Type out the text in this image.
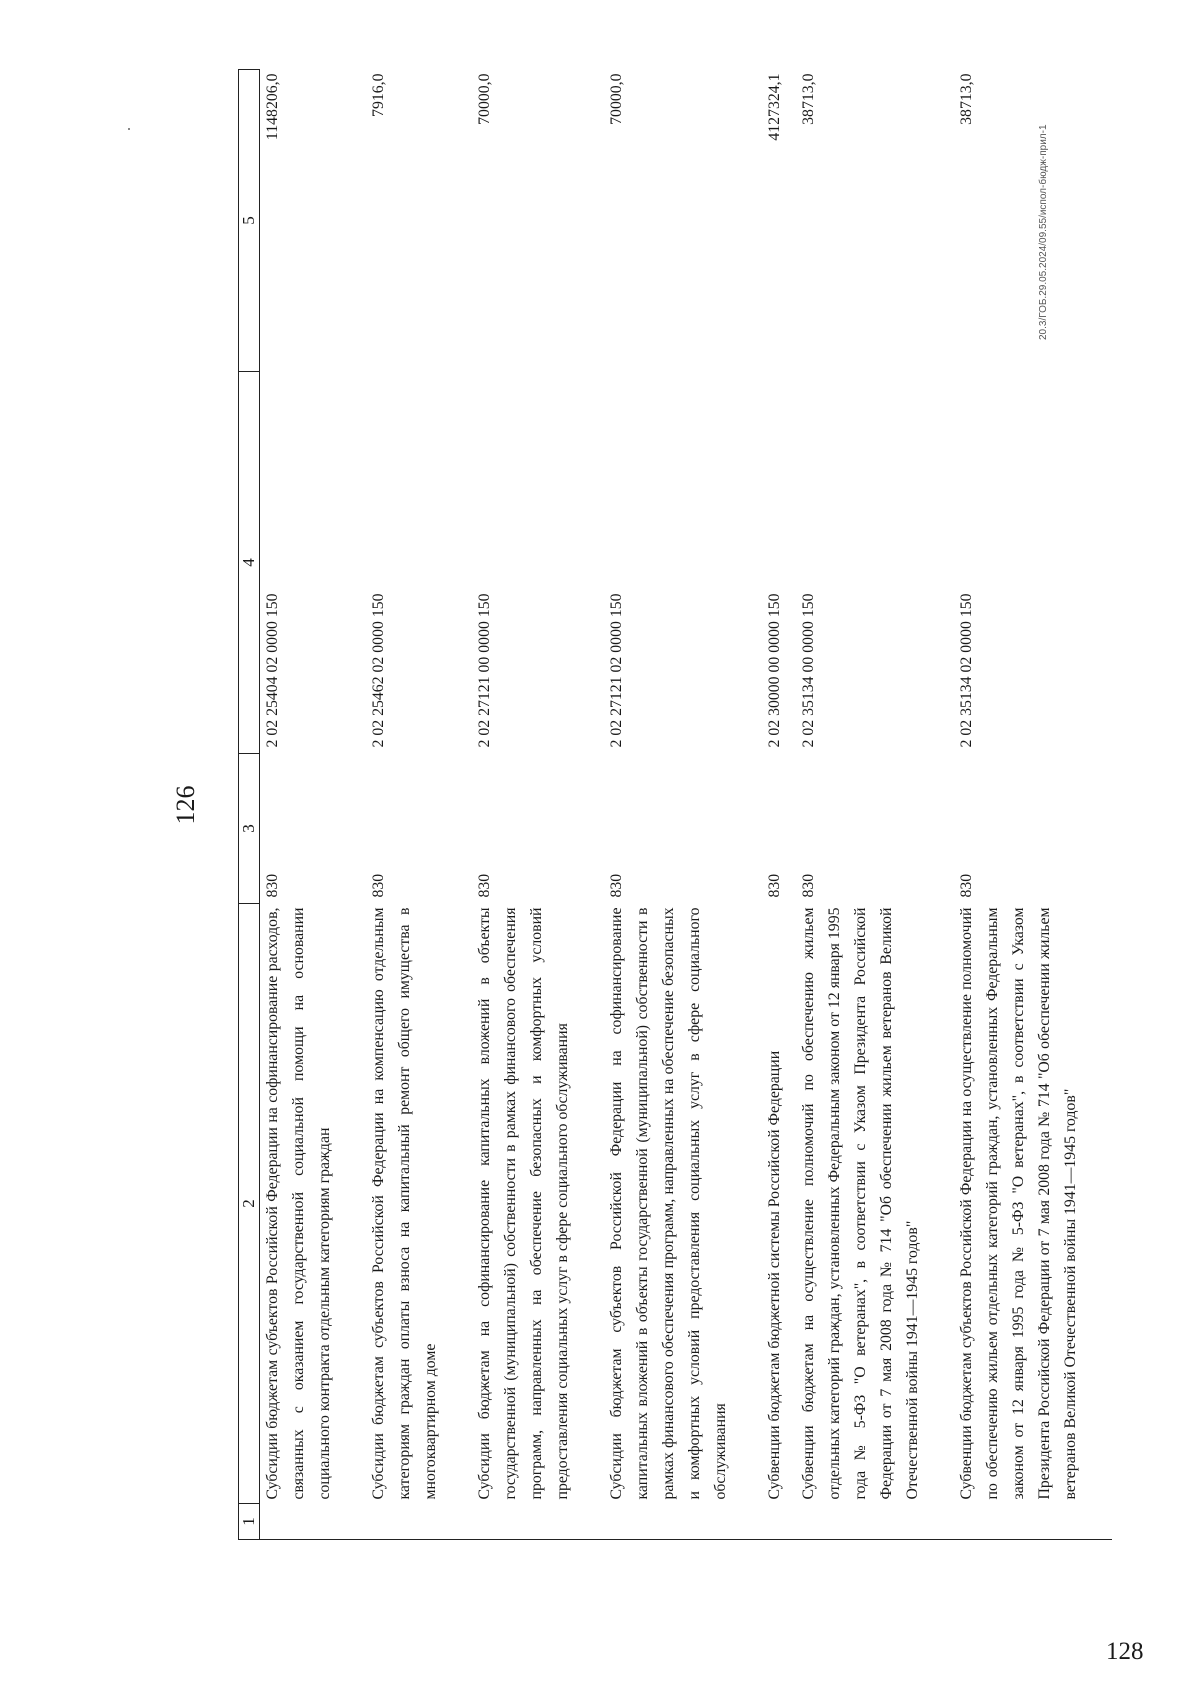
126
1	2	3	4	5
	Субсидии бюджетам субъектов Российской Федерации на софинансирование расходов, связанных с оказанием государственной социальной помощи на основании социального контракта отдельным категориям граждан	830	2 02 25404 02 0000 150	1148206,0
	Субсидии бюджетам субъектов Российской Федерации на компенсацию отдельным категориям граждан оплаты взноса на капитальный ремонт общего имущества в многоквартирном доме	830	2 02 25462 02 0000 150	7916,0
	Субсидии бюджетам на софинансирование капитальных вложений в объекты государственной (муниципальной) собственности в рамках финансового обеспечения программ, направленных на обеспечение безопасных и комфортных условий предоставления социальных услуг в сфере социального обслуживания	830	2 02 27121 00 0000 150	70000,0
	Субсидии бюджетам субъектов Российской Федерации на софинансирование капитальных вложений в объекты государственной (муниципальной) собственности в рамках финансового обеспечения программ, направленных на обеспечение безопасных и комфортных условий предоставления социальных услуг в сфере социального обслуживания	830	2 02 27121 02 0000 150	70000,0
	Субвенции бюджетам бюджетной системы Российской Федерации	830	2 02 30000 00 0000 150	4127324,1
	Субвенции бюджетам на осуществление полномочий по обеспечению жильем отдельных категорий граждан, установленных Федеральным законом от 12 января 1995 года № 5-ФЗ "О ветеранах", в соответствии с Указом Президента Российской Федерации от 7 мая 2008 года № 714 "Об обеспечении жильем ветеранов Великой Отечественной войны 1941—1945 годов"	830	2 02 35134 00 0000 150	38713,0
	Субвенции бюджетам субъектов Российской Федерации на осуществление полномочий по обеспечению жильем отдельных категорий граждан, установленных Федеральным законом от 12 января 1995 года № 5-ФЗ "О ветеранах", в соответствии с Указом Президента Российской Федерации от 7 мая 2008 года № 714 "Об обеспечении жильем ветеранов Великой Отечественной войны 1941—1945 годов"	830	2 02 35134 02 0000 150	38713,0
20.3/ГОБ.29.05.2024/09.55/испол-бюдж-прил-1
128
